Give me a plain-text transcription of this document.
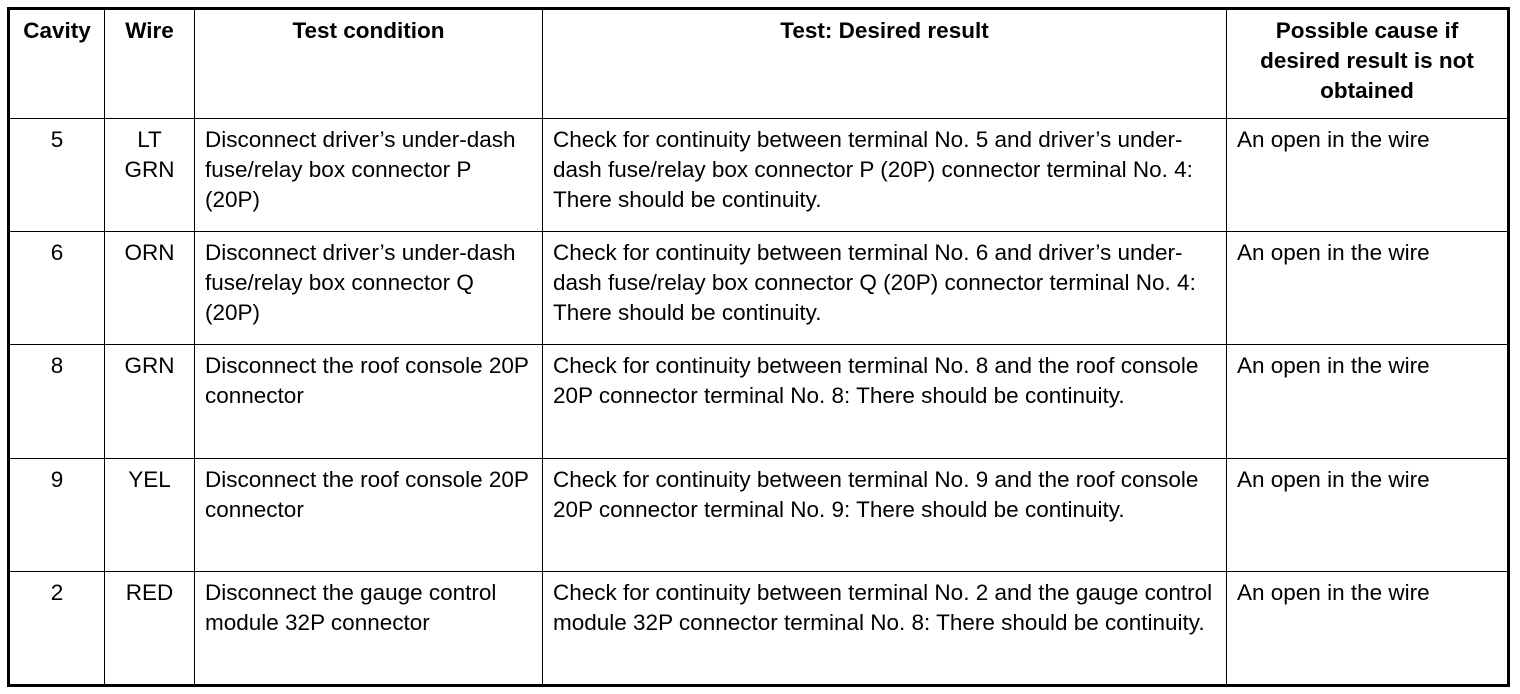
Cavity	Wire	Test condition	Test: Desired result	Possible cause if desired result is not obtained
5	LT GRN	Disconnect driver’s under-dash fuse/relay box connector P (20P)	Check for continuity between terminal No. 5 and driver’s under-dash fuse/relay box connector P (20P) connector terminal No. 4: There should be continuity.	An open in the wire
6	ORN	Disconnect driver’s under-dash fuse/relay box connector Q (20P)	Check for continuity between terminal No. 6 and driver’s under-dash fuse/relay box connector Q (20P) connector terminal No. 4: There should be continuity.	An open in the wire
8	GRN	Disconnect the roof console 20P connector	Check for continuity between terminal No. 8 and the roof console 20P connector terminal No. 8: There should be continuity.	An open in the wire
9	YEL	Disconnect the roof console 20P connector	Check for continuity between terminal No. 9 and the roof console 20P connector terminal No. 9: There should be continuity.	An open in the wire
2	RED	Disconnect the gauge control module 32P connector	Check for continuity between terminal No. 2 and the gauge control module 32P connector terminal No. 8: There should be continuity.	An open in the wire
